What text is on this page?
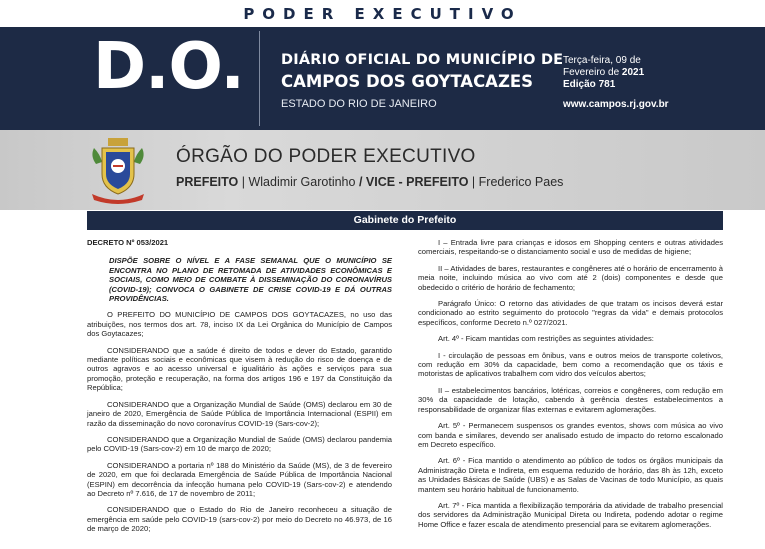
PODER EXECUTIVO
D.O.	DIÁRIO OFICIAL DO MUNICÍPIO DE
CAMPOS DOS GOYTACAZES
ESTADO DO RIO DE JANEIRO
Terça-feira, 09 de
Fevereiro de 2021
Edição 781
www.campos.rj.gov.br
ÓRGÃO DO PODER EXECUTIVO
PREFEITO | Wladimir Garotinho / VICE - PREFEITO | Frederico Paes
Gabinete do Prefeito

DECRETO Nº 053/2021

DISPÕE SOBRE O NÍVEL E A FASE SEMANAL QUE O MUNICÍPIO SE ENCONTRA NO PLANO DE RETOMADA DE ATIVIDADES ECONÔMICAS E SOCIAIS, COMO MEIO DE COMBATE À DISSEMINAÇÃO DO CORONAVÍRUS (COVID-19); CONVOCA O GABINETE DE CRISE COVID-19 E DÁ OUTRAS PROVIDÊNCIAS.

O PREFEITO DO MUNICÍPIO DE CAMPOS DOS GOYTACAZES, no uso das atribuições, nos termos dos art. 78, inciso IX da Lei Orgânica do Município de Campos dos Goytacazes;

CONSIDERANDO que a saúde é direito de todos e dever do Estado, garantido mediante políticas sociais e econômicas que visem à redução do risco de doença e de outros agravos e ao acesso universal e igualitário às ações e serviços para sua promoção, proteção e recuperação, na forma dos artigos 196 e 197 da Constituição da República;

CONSIDERANDO que a Organização Mundial de Saúde (OMS) declarou em 30 de janeiro de 2020, Emergência de Saúde Pública de Importância Internacional (ESPII) em razão da disseminação do novo coronavírus COVID-19 (Sars-cov-2);

CONSIDERANDO que a Organização Mundial de Saúde (OMS) declarou pandemia pelo COVID-19 (Sars-cov-2) em 10 de março de 2020;

CONSIDERANDO a portaria nº 188 do Ministério da Saúde (MS), de 3 de fevereiro de 2020, em que foi declarada Emergência de Saúde Pública de Importância Nacional (ESPIN) em decorrência da infecção humana pelo COVID-19 (Sars-cov-2) e atendendo ao Decreto nº 7.616, de 17 de novembro de 2011;

CONSIDERANDO que o Estado do Rio de Janeiro reconheceu a situação de emergência em saúde pelo COVID-19 (sars-cov-2) por meio do Decreto no 46.973, de 16 de março de 2020;

I – Entrada livre para crianças e idosos em Shopping centers e outras atividades comerciais, respeitando-se o distanciamento social e uso de medidas de higiene;

II – Atividades de bares, restaurantes e congêneres até o horário de encerramento à meia noite, incluindo música ao vivo com até 2 (dois) componentes e desde que obedecido o critério de horário de fechamento;

Parágrafo Único: O retorno das atividades de que tratam os incisos deverá estar condicionado ao estrito seguimento do protocolo "regras da vida" e demais protocolos específicos, conforme Decreto n.º 027/2021.

Art. 4º - Ficam mantidas com restrições as seguintes atividades:

I - circulação de pessoas em ônibus, vans e outros meios de transporte coletivos, com redução em 30% da capacidade, bem como a recomendação que os táxis e motoristas de aplicativos trabalhem com vidro dos veículos abertos;

II – estabelecimentos bancários, lotéricas, correios e congêneres, com redução em 30% da capacidade de lotação, cabendo à gerência destes estabelecimentos a responsabilidade de organizar filas externas e evitarem aglomerações.

Art. 5º - Permanecem suspensos os grandes eventos, shows com música ao vivo com banda e similares, devendo ser analisado estudo de impacto do retorno escalonado em Decreto específico.

Art. 6º - Fica mantido o atendimento ao público de todos os órgãos municipais da Administração Direta e Indireta, em esquema reduzido de horário, das 8h às 12h, exceto as Unidades Básicas de Saúde (UBS) e as Salas de Vacinas de todo Município, as quais mantem seu horário habitual de funcionamento.

Art. 7º - Fica mantida a flexibilização temporária da atividade de trabalho presencial dos servidores da Administração Municipal Direta ou Indireta, podendo adotar o regime Home Office e fazer escala de atendimento presencial para se evitarem aglomerações.
